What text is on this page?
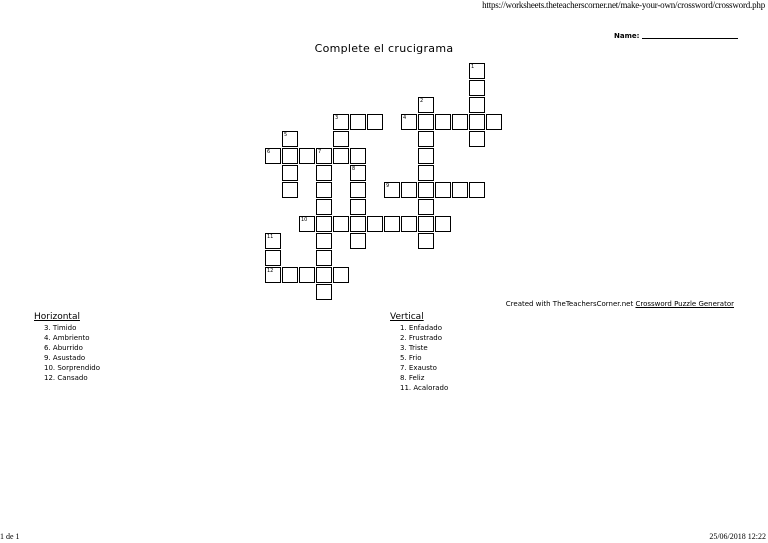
https://worksheets.theteacherscorner.net/make-your-own/crossword/crossword.php
Name:
Complete el crucigrama
3	4
6	7
9
10
12
1
2
5
8
11
Created with TheTeachersCorner.net Crossword Puzzle Generator
Horizontal
3. Timido
4. Ambriento
6. Aburrido
9. Asustado
10. Sorprendido
12. Cansado
Vertical
1. Enfadado
2. Frustrado
3. Triste
5. Frio
7. Exausto
8. Feliz
11. Acalorado
1 de 1	25/06/2018 12:22
